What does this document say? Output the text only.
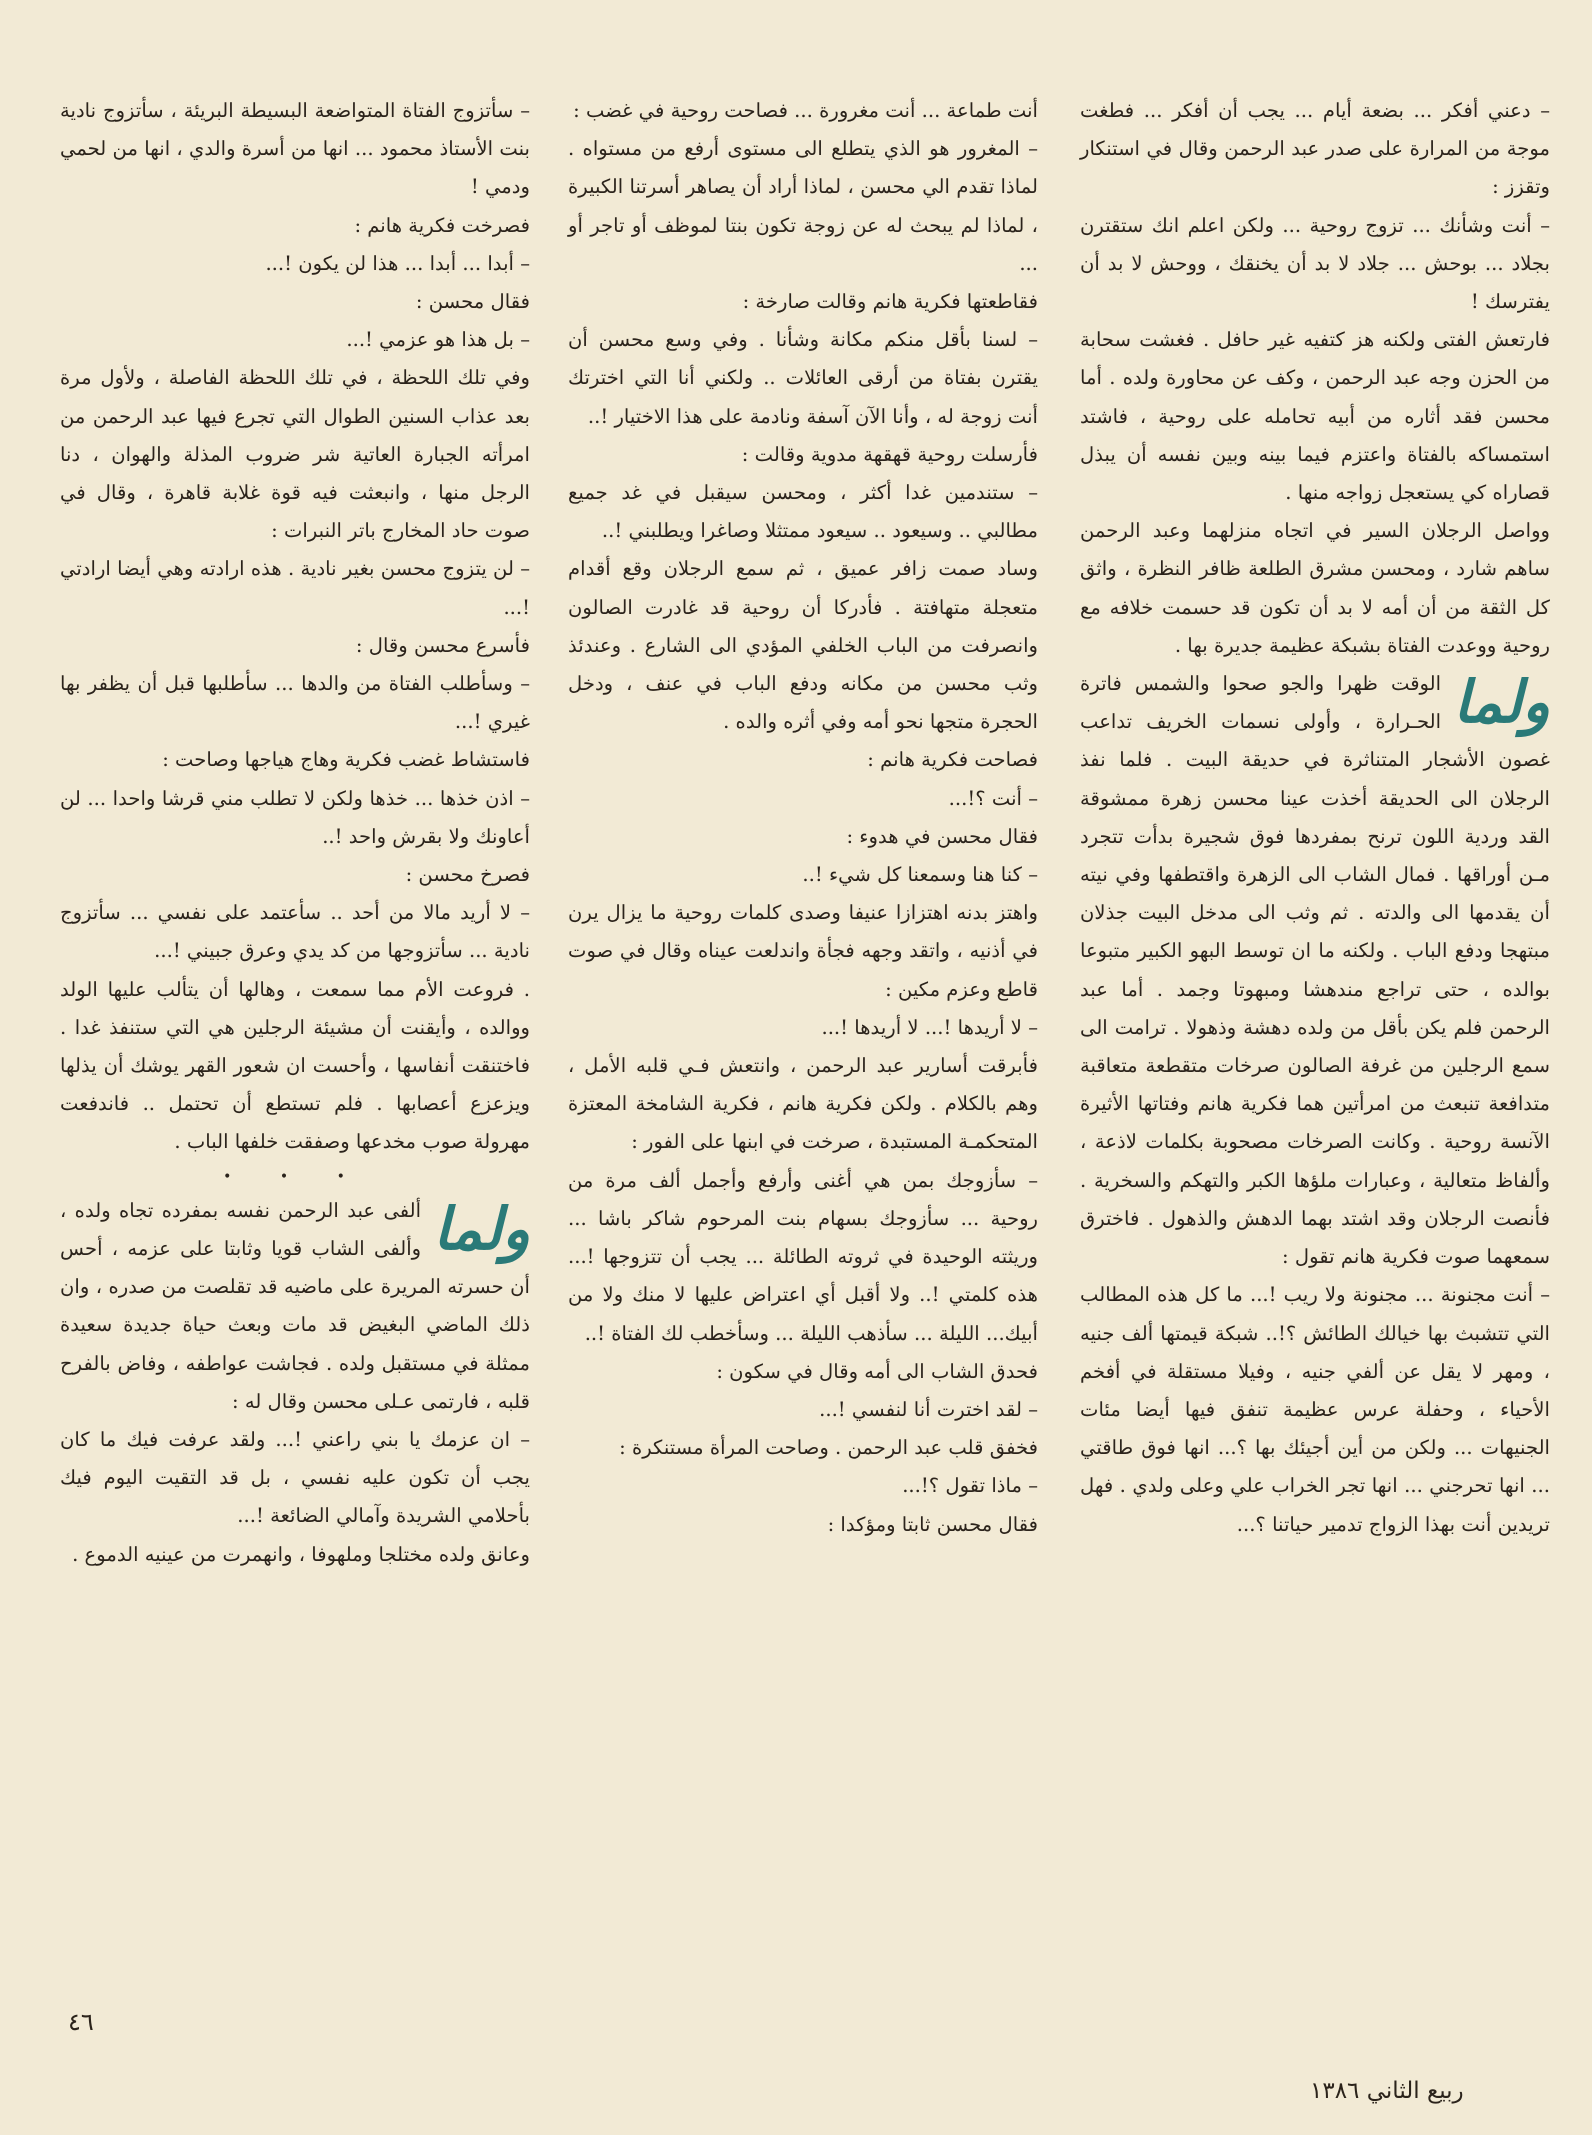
– دعني أفكر ... بضعة أيام ... يجب أن أفكر ... فطغت موجة من المرارة على صدر عبد الرحمن وقال في استنكار وتقزز :

– أنت وشأنك ... تزوج روحية ... ولكن اعلم انك ستقترن بجلاد ... بوحش ... جلاد لا بد أن يخنقك ، ووحش لا بد أن يفترسك !

فارتعش الفتى ولكنه هز كتفيه غير حافل . فغشت سحابة من الحزن وجه عبد الرحمن ، وكف عن محاورة ولده . أما محسن فقد أثاره من أبيه تحامله على روحية ، فاشتد استمساكه بالفتاة واعتزم فيما بينه وبين نفسه أن يبذل قصاراه كي يستعجل زواجه منها .

وواصل الرجلان السير في اتجاه منزلهما وعبد الرحمن ساهم شارد ، ومحسن مشرق الطلعة ظافر النظرة ، واثق كل الثقة من أن أمه لا بد أن تكون قد حسمت خلافه مع روحية ووعدت الفتاة بشبكة عظيمة جديرة بها .

ولما

الوقت ظهرا والجو صحوا والشمس فاترة الحـرارة ، وأولى نسمات الخريف تداعب غصون الأشجار المتناثرة في حديقة البيت . فلما نفذ الرجلان الى الحديقة أخذت عينا محسن زهرة ممشوقة القد وردية اللون ترنح بمفردها فوق شجيرة بدأت تتجرد مـن أوراقها . فمال الشاب الى الزهرة واقتطفها وفي نيته أن يقدمها الى والدته . ثم وثب الى مدخل البيت جذلان مبتهجا ودفع الباب . ولكنه ما ان توسط البهو الكبير متبوعا بوالده ، حتى تراجع مندهشا ومبهوتا وجمد . أما عبد الرحمن فلم يكن بأقل من ولده دهشة وذهولا . ترامت الى سمع الرجلين من غرفة الصالون صرخات متقطعة متعاقبة متدافعة تنبعث من امرأتين هما فكرية هانم وفتاتها الأثيرة الآنسة روحية . وكانت الصرخات مصحوبة بكلمات لاذعة ، وألفاظ متعالية ، وعبارات ملؤها الكبر والتهكم والسخرية . فأنصت الرجلان وقد اشتد بهما الدهش والذهول . فاخترق سمعهما صوت فكرية هانم تقول :

– أنت مجنونة ... مجنونة ولا ريب !... ما كل هذه المطالب التي تتشبث بها خيالك الطائش ؟!.. شبكة قيمتها ألف جنيه ، ومهر لا يقل عن ألفي جنيه ، وفيلا مستقلة في أفخم الأحياء ، وحفلة عرس عظيمة تنفق فيها أيضا مئات الجنيهات ... ولكن من أين أجيئك بها ؟... انها فوق طاقتي ... انها تحرجني ... انها تجر الخراب علي وعلى ولدي . فهل تريدين أنت بهذا الزواج تدمير حياتنا ؟...

أنت طماعة ... أنت مغرورة ... فصاحت روحية في غضب :

– المغرور هو الذي يتطلع الى مستوى أرفع من مستواه . لماذا تقدم الي محسن ، لماذا أراد أن يصاهر أسرتنا الكبيرة ، لماذا لم يبحث له عن زوجة تكون بنتا لموظف أو تاجر أو ...

فقاطعتها فكرية هانم وقالت صارخة :

– لسنا بأقل منكم مكانة وشأنا . وفي وسع محسن أن يقترن بفتاة من أرقى العائلات .. ولكني أنا التي اخترتك أنت زوجة له ، وأنا الآن آسفة ونادمة على هذا الاختيار !..

فأرسلت روحية قهقهة مدوية وقالت :

– ستندمين غدا أكثر ، ومحسن سيقبل في غد جميع مطالبي .. وسيعود .. سيعود ممتثلا وصاغرا ويطلبني !..

وساد صمت زافر عميق ، ثم سمع الرجلان وقع أقدام متعجلة متهافتة . فأدركا أن روحية قد غادرت الصالون وانصرفت من الباب الخلفي المؤدي الى الشارع . وعندئذ وثب محسن من مكانه ودفع الباب في عنف ، ودخل الحجرة متجها نحو أمه وفي أثره والده .

فصاحت فكرية هانم :

– أنت ؟!...

فقال محسن في هدوء :

– كنا هنا وسمعنا كل شيء !..

واهتز بدنه اهتزازا عنيفا وصدى كلمات روحية ما يزال يرن في أذنيه ، واتقد وجهه فجأة واندلعت عيناه وقال في صوت قاطع وعزم مكين :

– لا أريدها !... لا أريدها !...

فأبرقت أسارير عبد الرحمن ، وانتعش فـي قلبه الأمل ، وهم بالكلام . ولكن فكرية هانم ، فكرية الشامخة المعتزة المتحكمـة المستبدة ، صرخت في ابنها على الفور :

– سأزوجك بمن هي أغنى وأرفع وأجمل ألف مرة من روحية ... سأزوجك بسهام بنت المرحوم شاكر باشا ... وريثته الوحيدة في ثروته الطائلة ... يجب أن تتزوجها !... هذه كلمتي !.. ولا أقبل أي اعتراض عليها لا منك ولا من أبيك... الليلة ... سأذهب الليلة ... وسأخطب لك الفتاة !..

فحدق الشاب الى أمه وقال في سكون :

– لقد اخترت أنا لنفسي !...

فخفق قلب عبد الرحمن . وصاحت المرأة مستنكرة :

– ماذا تقول ؟!...

فقال محسن ثابتا ومؤكدا :

– سأتزوج الفتاة المتواضعة البسيطة البريئة ، سأتزوج نادية بنت الأستاذ محمود ... انها من أسرة والدي ، انها من لحمي ودمي !

فصرخت فكرية هانم :

– أبدا ... أبدا ... هذا لن يكون !...

فقال محسن :

– بل هذا هو عزمي !...

وفي تلك اللحظة ، في تلك اللحظة الفاصلة ، ولأول مرة بعد عذاب السنين الطوال التي تجرع فيها عبد الرحمن من امرأته الجبارة العاتية شر ضروب المذلة والهوان ، دنا الرجل منها ، وانبعثت فيه قوة غلابة قاهرة ، وقال في صوت حاد المخارج باتر النبرات :

– لن يتزوج محسن بغير نادية . هذه ارادته وهي أيضا ارادتي !...

فأسرع محسن وقال :

– وسأطلب الفتاة من والدها ... سأطلبها قبل أن يظفر بها غيري !...

فاستشاط غضب فكرية وهاج هياجها وصاحت :

– اذن خذها ... خذها ولكن لا تطلب مني قرشا واحدا ... لن أعاونك ولا بقرش واحد !..

فصرخ محسن :

– لا أريد مالا من أحد .. سأعتمد على نفسي ... سأتزوج نادية ... سأتزوجها من كد يدي وعرق جبيني !...

. فروعت الأم مما سمعت ، وهالها أن يتألب عليها الولد ووالده ، وأيقنت أن مشيئة الرجلين هي التي ستنفذ غدا . فاختنقت أنفاسها ، وأحست ان شعور القهر يوشك أن يذلها ويزعزع أعصابها . فلم تستطع أن تحتمل .. فاندفعت مهرولة صوب مخدعها وصفقت خلفها الباب .

• • •
ولما

ألفى عبد الرحمن نفسه بمفرده تجاه ولده ، وألفى الشاب قويا وثابتا على عزمه ، أحس أن حسرته المريرة على ماضيه قد تقلصت من صدره ، وان ذلك الماضي البغيض قد مات وبعث حياة جديدة سعيدة ممثلة في مستقبل ولده . فجاشت عواطفه ، وفاض بالفرح قلبه ، فارتمى عـلى محسن وقال له :

– ان عزمك يا بني راعني !... ولقد عرفت فيك ما كان يجب أن تكون عليه نفسي ، بل قد التقيت اليوم فيك بأحلامي الشريدة وآمالي الضائعة !...

وعانق ولده مختلجا وملهوفا ، وانهمرت من عينيه الدموع .

٤٦
ربيع الثاني ١٣٨٦
